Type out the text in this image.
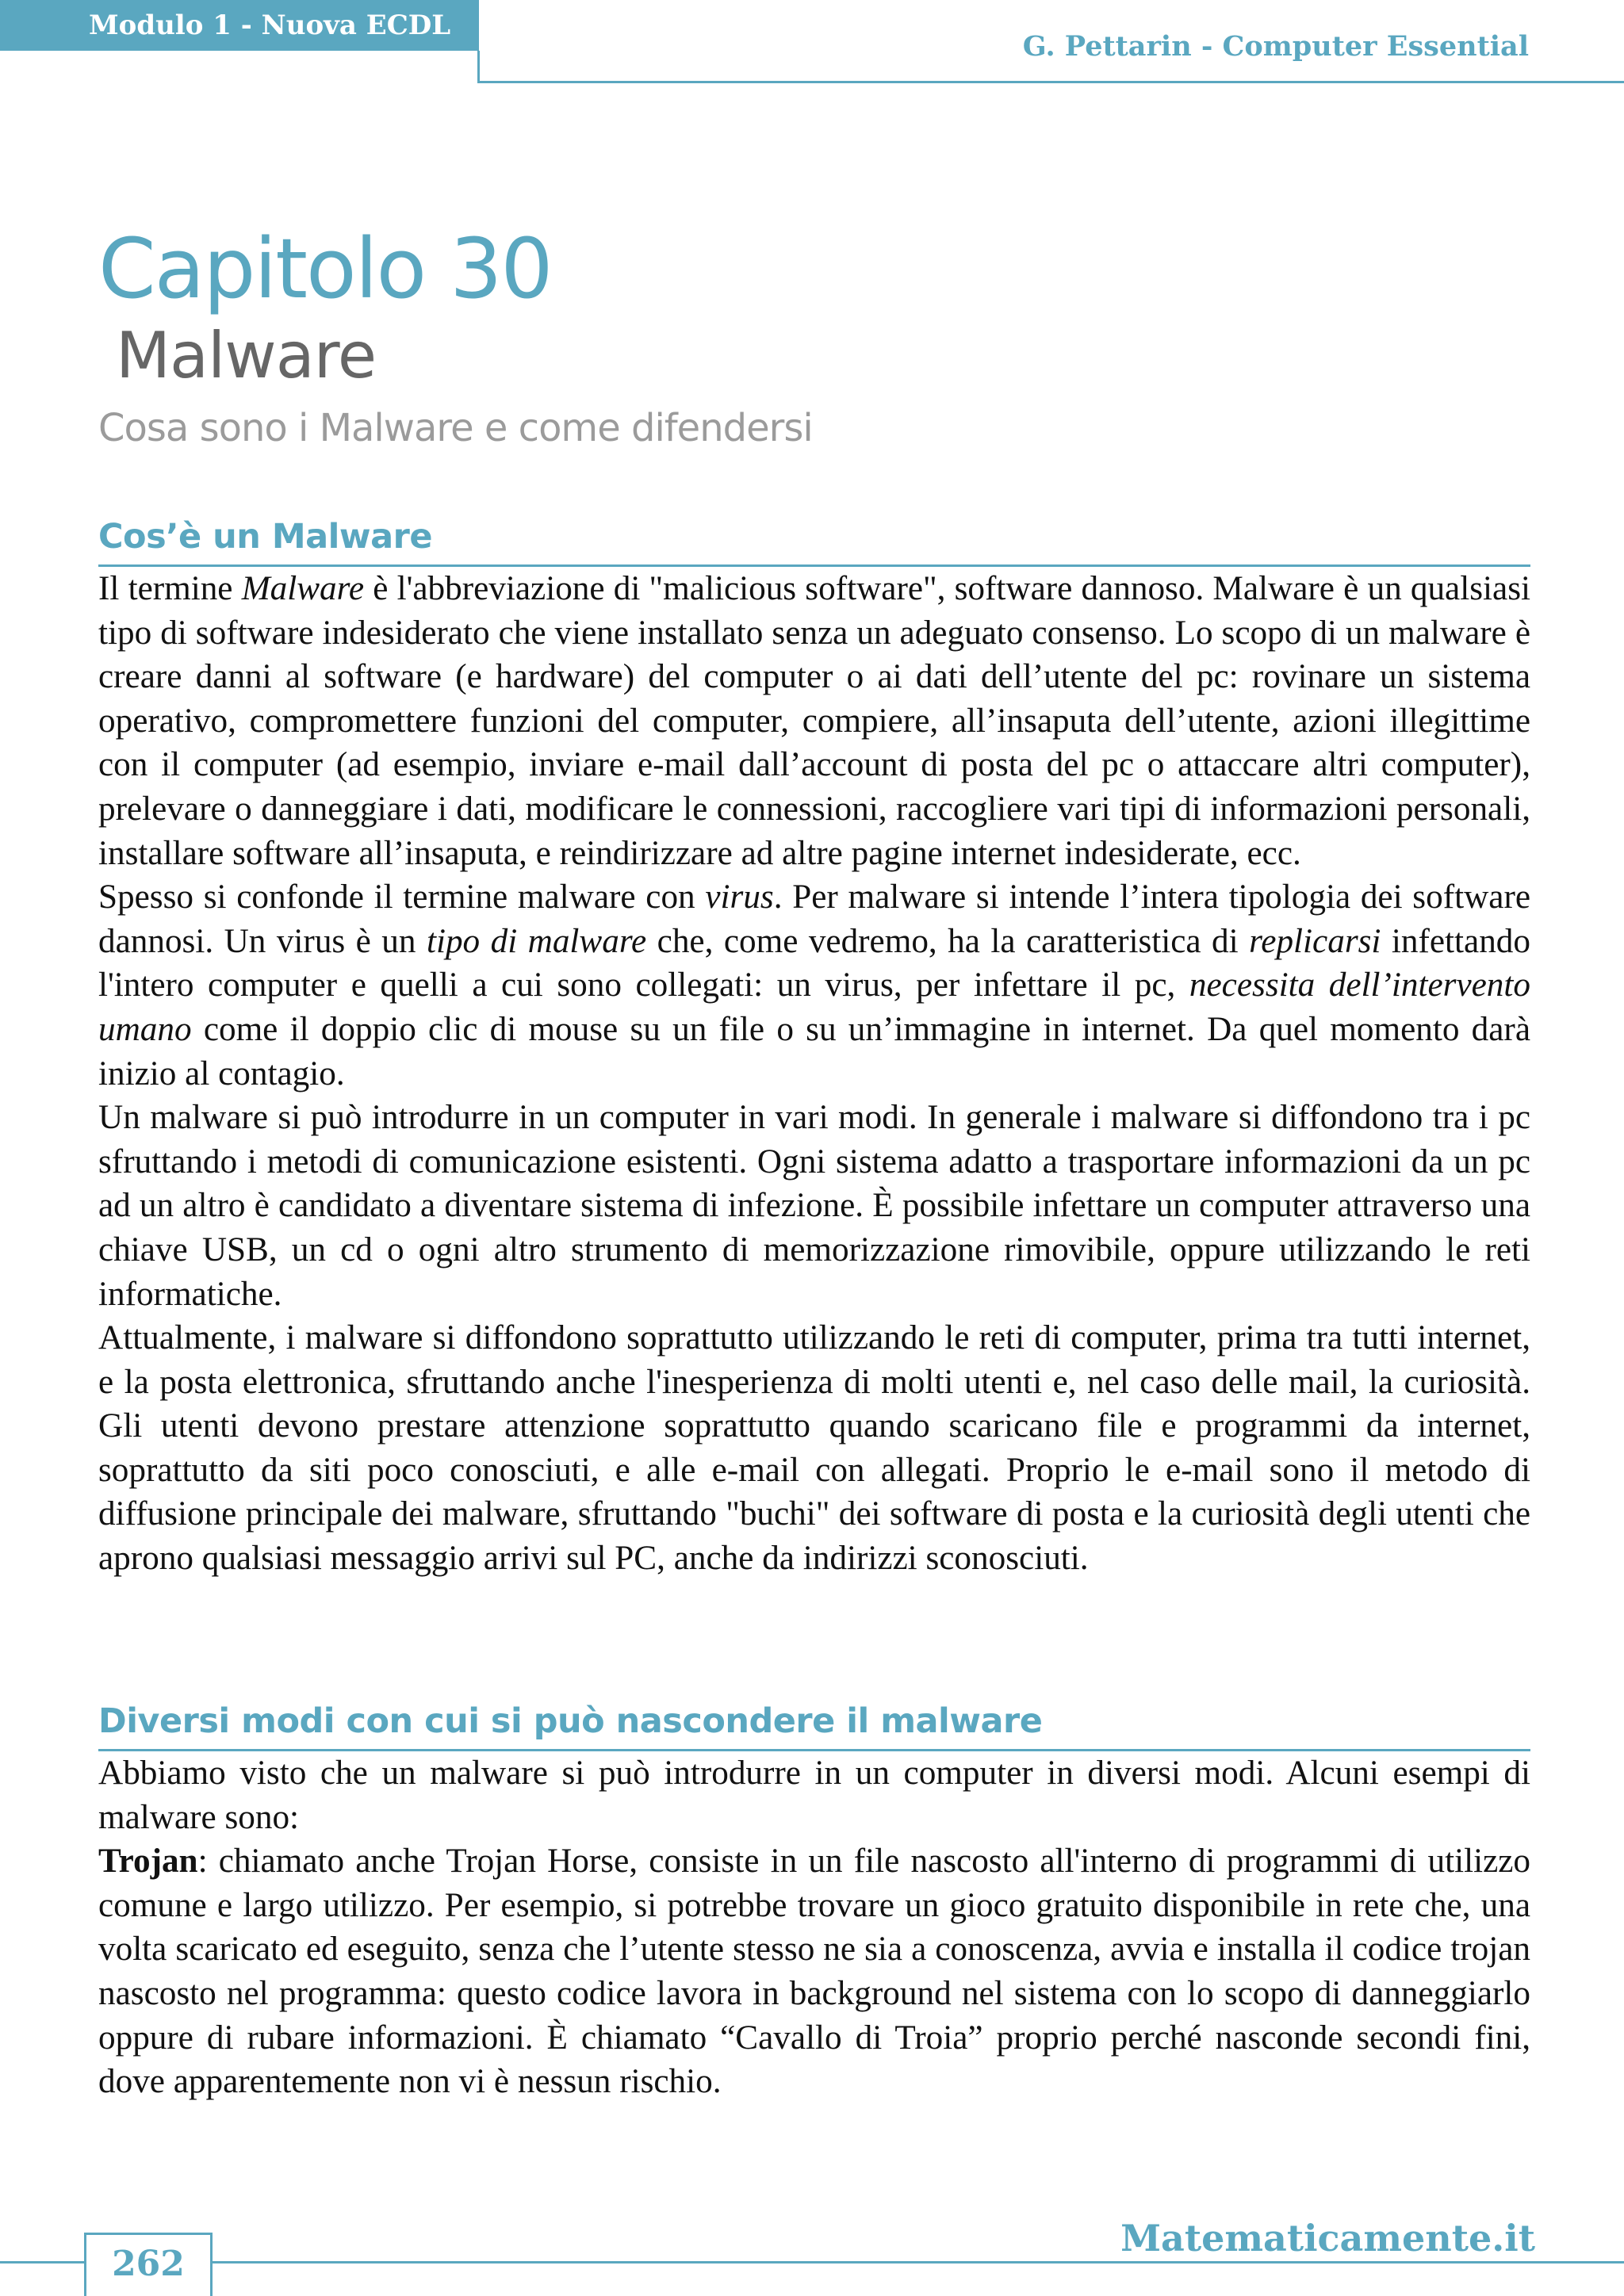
Modulo 1 - Nuova ECDL
G. Pettarin - Computer Essential
Capitolo 30
Malware
Cosa sono i Malware e come difendersi
Cos’è un Malware

Il termine Malware è l'abbreviazione di "malicious software", software dannoso. Malware è un qualsiasi tipo di software indesiderato che viene installato senza un adeguato consenso. Lo scopo di un malware è creare danni al software (e hardware) del computer o ai dati dell’utente del pc: rovinare un sistema operativo, compromettere funzioni del computer, compiere, all’insaputa dell’utente, azioni illegittime con il computer (ad esempio, inviare e-mail dall’account di posta del pc o attaccare altri computer), prelevare o danneggiare i dati, modificare le connessioni, raccogliere vari tipi di informazioni personali, installare software all’insaputa, e reindirizzare ad altre pagine internet indesiderate, ecc.

Spesso si confonde il termine malware con virus. Per malware si intende l’intera tipologia dei software dannosi. Un virus è un tipo di malware che, come vedremo, ha la caratteristica di replicarsi infettando l'intero computer e quelli a cui sono collegati: un virus, per infettare il pc, necessita dell’intervento umano come il doppio clic di mouse su un file o su un’immagine in internet. Da quel momento darà inizio al contagio.

Un malware si può introdurre in un computer in vari modi. In generale i malware si diffondono tra i pc sfruttando i metodi di comunicazione esistenti. Ogni sistema adatto a trasportare informazioni da un pc ad un altro è candidato a diventare sistema di infezione. È possibile infettare un computer attraverso una chiave USB, un cd o ogni altro strumento di memorizzazione rimovibile, oppure utilizzando le reti informatiche.

Attualmente, i malware si diffondono soprattutto utilizzando le reti di computer, prima tra tutti internet, e la posta elettronica, sfruttando anche l'inesperienza di molti utenti e, nel caso delle mail, la curiosità. Gli utenti devono prestare attenzione soprattutto quando scaricano file e programmi da internet, soprattutto da siti poco conosciuti, e alle e-mail con allegati. Proprio le e-mail sono il metodo di diffusione principale dei malware, sfruttando "buchi" dei software di posta e la curiosità degli utenti che aprono qualsiasi messaggio arrivi sul PC, anche da indirizzi sconosciuti.

Diversi modi con cui si può nascondere il malware

Abbiamo visto che un malware si può introdurre in un computer in diversi modi. Alcuni esempi di malware sono:

Trojan: chiamato anche Trojan Horse, consiste in un file nascosto all'interno di programmi di utilizzo comune e largo utilizzo. Per esempio, si potrebbe trovare un gioco gratuito disponibile in rete che, una volta scaricato ed eseguito, senza che l’utente stesso ne sia a conoscenza, avvia e installa il codice trojan nascosto nel programma: questo codice lavora in background nel sistema con lo scopo di danneggiarlo oppure di rubare informazioni. È chiamato “Cavallo di Troia” proprio perché nasconde secondi fini, dove apparentemente non vi è nessun rischio.

Matematicamente.it
262
